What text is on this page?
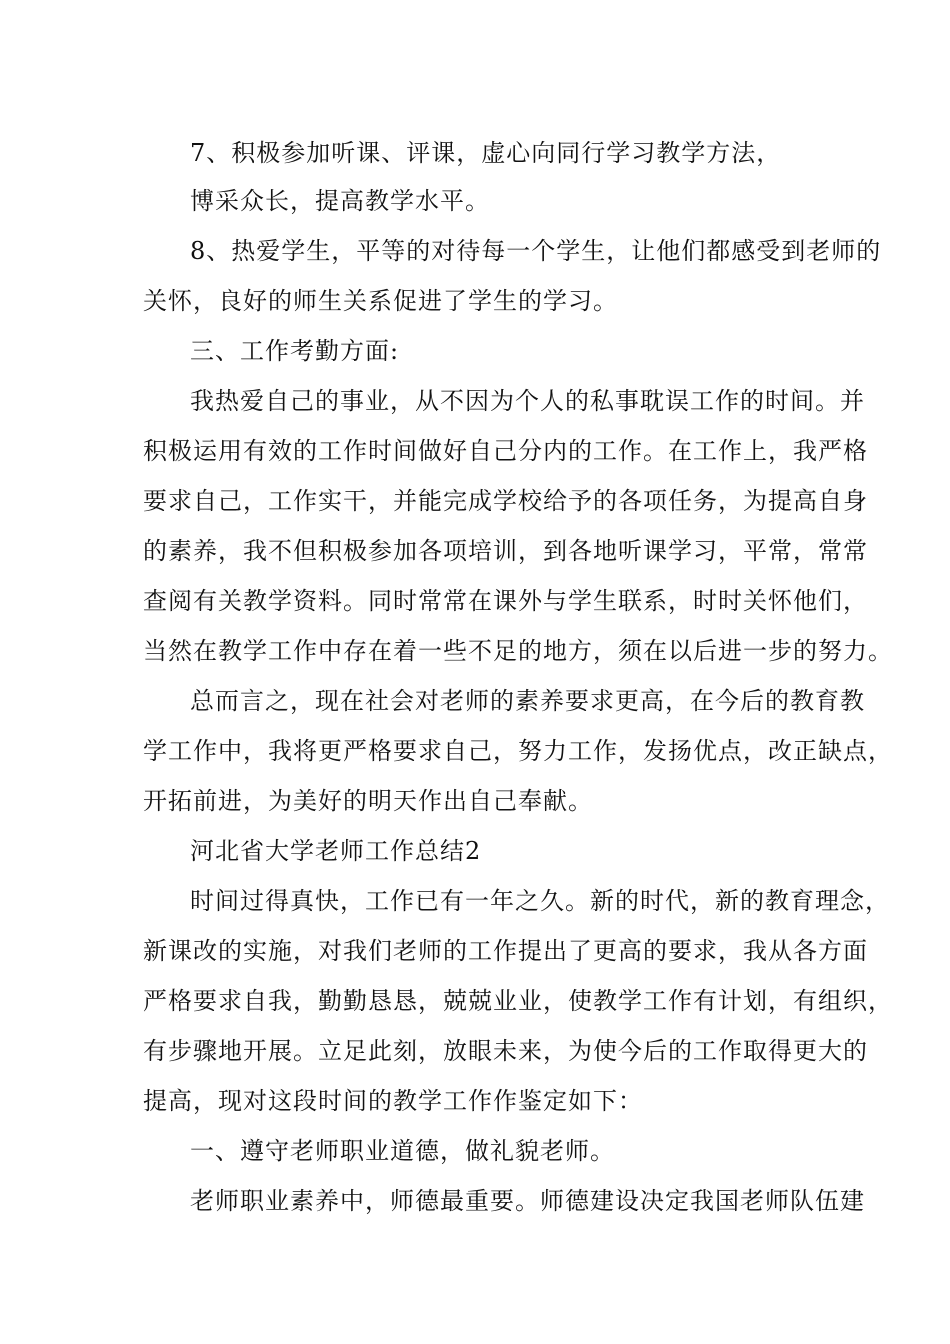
7、积极参加听课、评课，虚心向同行学习教学方法，
博采众长，提高教学水平。
8、热爱学生，平等的对待每一个学生，让他们都感受到老师的
关怀，良好的师生关系促进了学生的学习。
三、工作考勤方面:
我热爱自己的事业，从不因为个人的私事耽误工作的时间。并
积极运用有效的工作时间做好自己分内的工作。在工作上，我严格
要求自己，工作实干，并能完成学校给予的各项任务，为提高自身
的素养，我不但积极参加各项培训，到各地听课学习，平常，常常
查阅有关教学资料。同时常常在课外与学生联系，时时关怀他们，
当然在教学工作中存在着一些不足的地方，须在以后进一步的努力。
总而言之，现在社会对老师的素养要求更高，在今后的教育教
学工作中，我将更严格要求自己，努力工作，发扬优点，改正缺点，
开拓前进，为美好的明天作出自己奉献。
河北省大学老师工作总结2
时间过得真快，工作已有一年之久。新的时代，新的教育理念，
新课改的实施，对我们老师的工作提出了更高的要求，我从各方面
严格要求自我，勤勤恳恳，兢兢业业，使教学工作有计划，有组织，
有步骤地开展。立足此刻，放眼未来，为使今后的工作取得更大的
提高，现对这段时间的教学工作作鉴定如下：
一、遵守老师职业道德，做礼貌老师。
老师职业素养中，师德最重要。师德建设决定我国老师队伍建
